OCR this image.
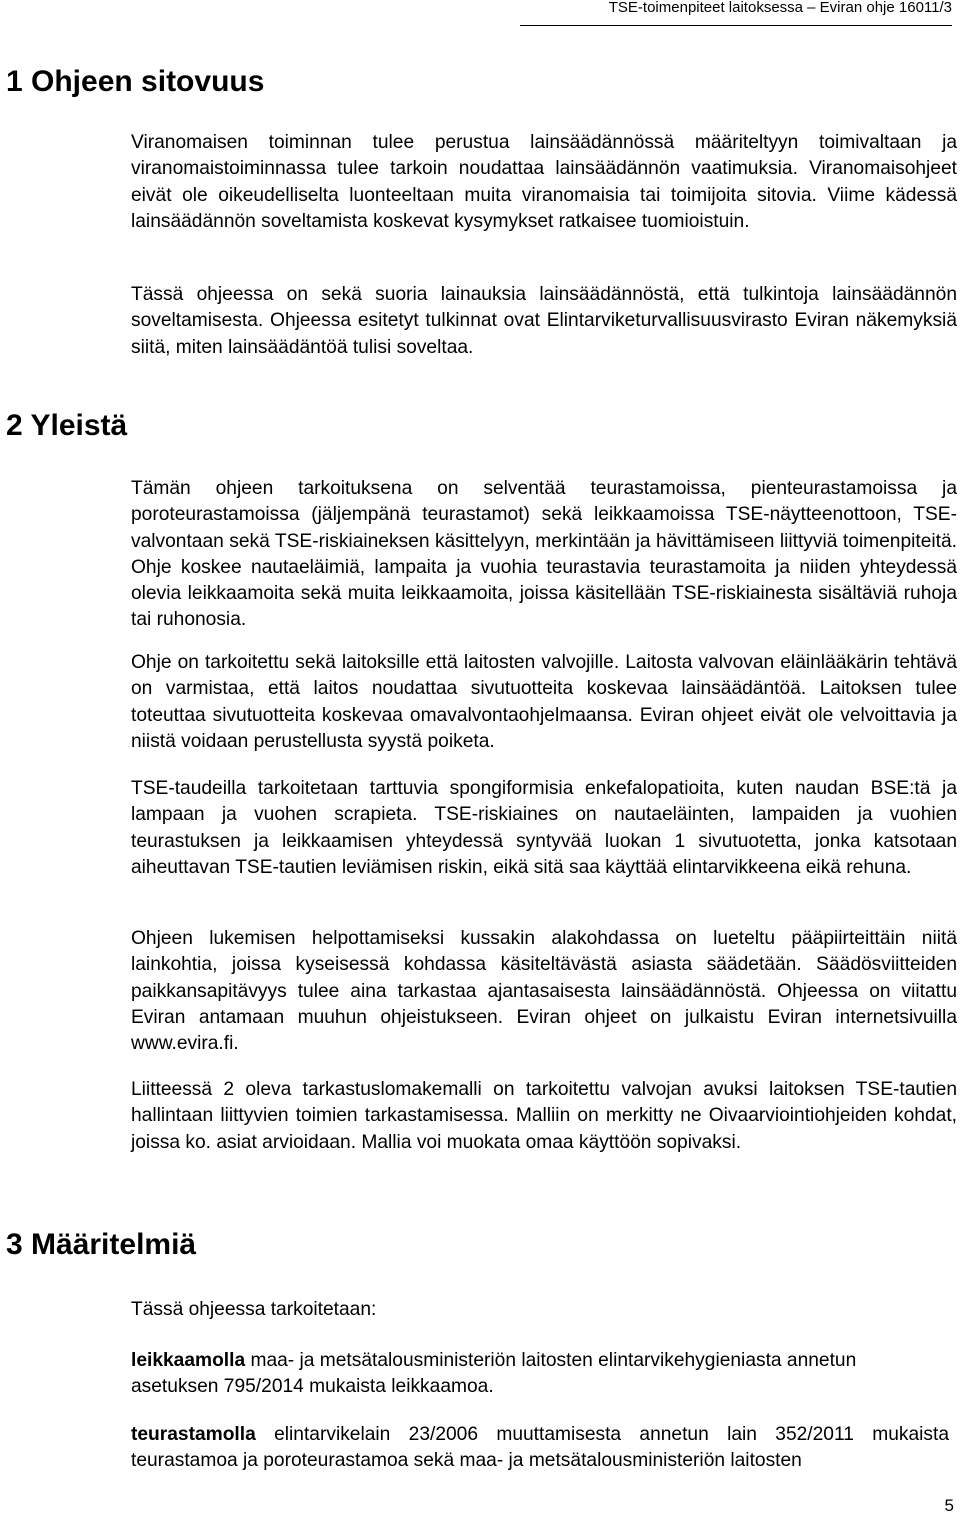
TSE-toimenpiteet laitoksessa – Eviran ohje 16011/3
1 Ohjeen sitovuus

Viranomaisen toiminnan tulee perustua lainsäädännössä määriteltyyn toimivaltaan ja viranomaistoiminnassa tulee tarkoin noudattaa lainsäädännön vaatimuksia. Viranomaisohjeet eivät ole oikeudelliselta luonteeltaan muita viranomaisia tai toimijoita sitovia. Viime kädessä lainsäädännön soveltamista koskevat kysymykset ratkaisee tuomioistuin.

Tässä ohjeessa on sekä suoria lainauksia lainsäädännöstä, että tulkintoja lainsäädännön soveltamisesta. Ohjeessa esitetyt tulkinnat ovat Elintarviketurvallisuusvirasto Eviran näkemyksiä siitä, miten lainsäädäntöä tulisi soveltaa.

2 Yleistä

Tämän ohjeen tarkoituksena on selventää teurastamoissa, pienteurastamoissa ja poroteurastamoissa (jäljempänä teurastamot) sekä leikkaamoissa TSE-näytteenottoon, TSE-valvontaan sekä TSE-riskiaineksen käsittelyyn, merkintään ja hävittämiseen liittyviä toimenpiteitä. Ohje koskee nautaeläimiä, lampaita ja vuohia teurastavia teurastamoita ja niiden yhteydessä olevia leikkaamoita sekä muita leikkaamoita, joissa käsitellään TSE-riskiainesta sisältäviä ruhoja tai ruhonosia.

Ohje on tarkoitettu sekä laitoksille että laitosten valvojille. Laitosta valvovan eläinlääkärin tehtävä on varmistaa, että laitos noudattaa sivutuotteita koskevaa lainsäädäntöä. Laitoksen tulee toteuttaa sivutuotteita koskevaa omavalvontaohjelmaansa. Eviran ohjeet eivät ole velvoittavia ja niistä voidaan perustellusta syystä poiketa.

TSE-taudeilla tarkoitetaan tarttuvia spongiformisia enkefalopatioita, kuten naudan BSE:tä ja lampaan ja vuohen scrapieta. TSE-riskiaines on nautaeläinten, lampaiden ja vuohien teurastuksen ja leikkaamisen yhteydessä syntyvää luokan 1 sivutuotetta, jonka katsotaan aiheuttavan TSE-tautien leviämisen riskin, eikä sitä saa käyttää elintarvikkeena eikä rehuna.

Ohjeen lukemisen helpottamiseksi kussakin alakohdassa on lueteltu pääpiirteittäin niitä lainkohtia, joissa kyseisessä kohdassa käsiteltävästä asiasta säädetään. Säädösviitteiden paikkansapitävyys tulee aina tarkastaa ajantasaisesta lainsäädännöstä. Ohjeessa on viitattu Eviran antamaan muuhun ohjeistukseen. Eviran ohjeet on julkaistu Eviran internetsivuilla www.evira.fi.

Liitteessä 2 oleva tarkastuslomakemalli on tarkoitettu valvojan avuksi laitoksen TSE-tautien hallintaan liittyvien toimien tarkastamisessa. Malliin on merkitty ne Oivaarviointiohjeiden kohdat, joissa ko. asiat arvioidaan. Mallia voi muokata omaa käyttöön sopivaksi.

3 Määritelmiä

Tässä ohjeessa tarkoitetaan:

leikkaamolla maa- ja metsätalousministeriön laitosten elintarvikehygieniasta annetun asetuksen 795/2014 mukaista leikkaamoa.

teurastamolla elintarvikelain 23/2006 muuttamisesta annetun lain 352/2011 mukaista teurastamoa ja poroteurastamoa sekä maa- ja metsätalousministeriön laitosten

5
